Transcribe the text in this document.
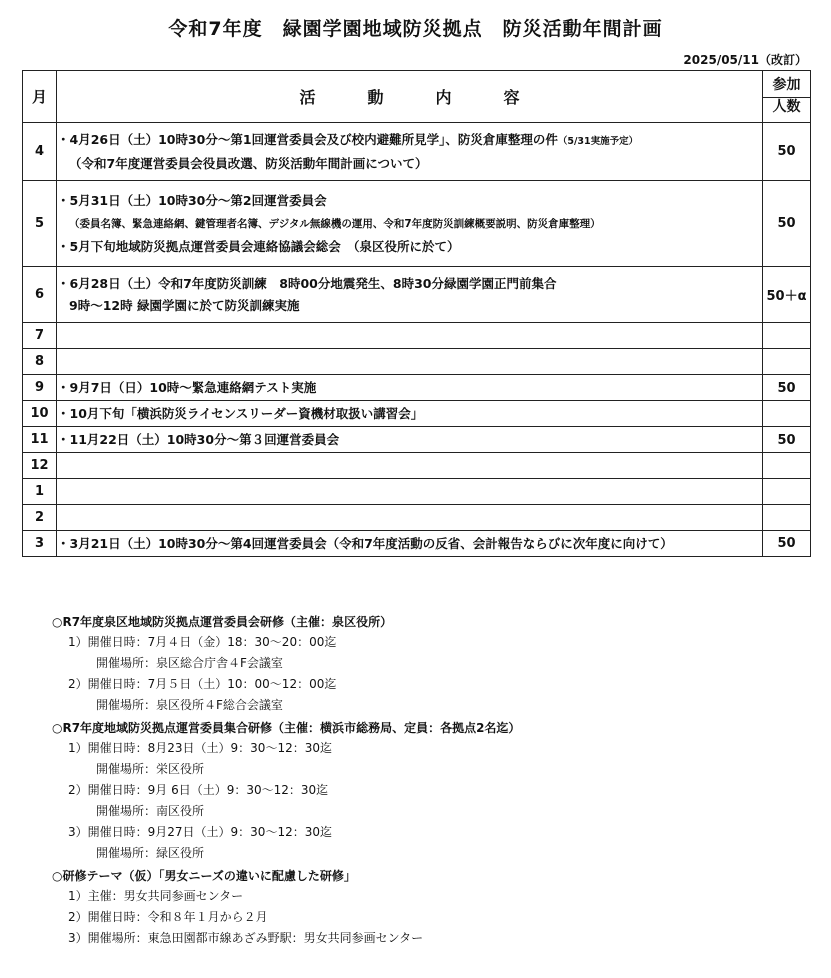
令和7年度　緑園学園地域防災拠点　防災活動年間計画
2025/05/11（改訂）
月	活 動 内 容	参加
人数

4	・4月26日（土）10時30分～第1回運営委員会及び校内避難所見学」、防災倉庫整理の件（5/31実施予定）
（令和7年度運営委員会役員改選、防災活動年間計画について）	50
5	・5月31日（土）10時30分～第2回運営委員会
（委員名簿、緊急連絡網、鍵管理者名簿、デジタル無線機の運用、令和7年度防災訓練概要説明、防災倉庫整理）
・5月下旬地域防災拠点運営委員会連絡協議会総会　（泉区役所に於て）	50
6	・6月28日（土）令和7年度防災訓練　8時00分地震発生、8時30分緑園学園正門前集合
9時～12時 緑園学園に於て防災訓練実施	50＋α
7		
8		
9	・9月7日（日）10時～緊急連絡網テスト実施	50
10	・10月下旬「横浜防災ライセンスリーダー資機材取扱い講習会」	

11	・11月22日（土）10時30分～第３回運営委員会	50
12		
1		
2		
3	・3月21日（土）10時30分～第4回運営委員会（令和7年度活動の反省、会計報告ならびに次年度に向けて）	50
○R7年度泉区地域防災拠点運営委員会研修（主催：泉区役所）
1）開催日時：7月４日（金）18：30～20：00迄
開催場所：泉区総合庁舎４F会議室
2）開催日時：7月５日（土）10：00～12：00迄
開催場所：泉区役所４F総合会議室
○R7年度地域防災拠点運営委員集合研修（主催：横浜市総務局、定員：各拠点2名迄）
1）開催日時：8月23日（土）9：30～12：30迄
開催場所：栄区役所
2）開催日時：9月 6日（土）9：30～12：30迄
開催場所：南区役所
3）開催日時：9月27日（土）9：30～12：30迄
開催場所：緑区役所
○研修テーマ（仮）「男女ニーズの違いに配慮した研修」
1）主催：男女共同参画センター
2）開催日時：令和８年１月から２月
3）開催場所：東急田園都市線あざみ野駅：男女共同参画センター
